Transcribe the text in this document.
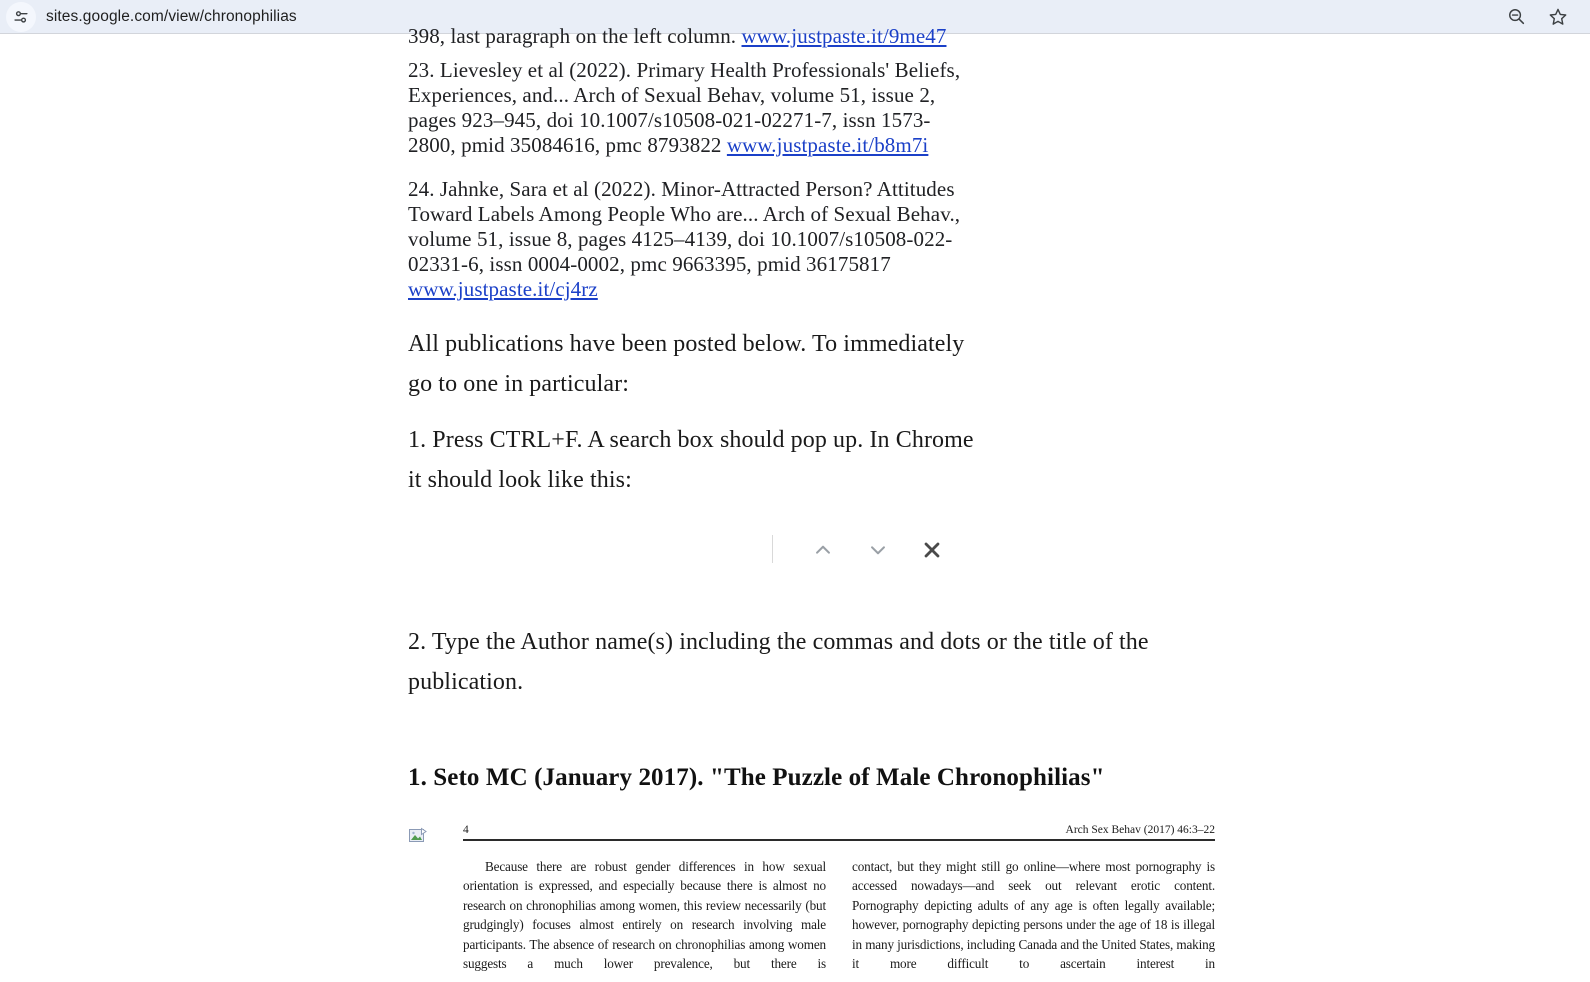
sites.google.com/view/chronophilias

398, last paragraph on the left column. www.justpaste.it/9me47

23. Lievesley et al (2022). Primary Health Professionals' Beliefs, Experiences, and... Arch of Sexual Behav, volume 51, issue 2, pages 923–945, doi 10.1007/s10508-021-02271-7, issn 1573-2800, pmid 35084616, pmc 8793822 www.justpaste.it/b8m7i

24. Jahnke, Sara et al (2022). Minor-Attracted Person? Attitudes Toward Labels Among People Who are... Arch of Sexual Behav., volume 51, issue 8, pages 4125–4139, doi 10.1007/s10508-022-02331-6, issn 0004-0002, pmc 9663395, pmid 36175817 www.justpaste.it/cj4rz

All publications have been posted below. To immediately go to one in particular:

1. Press CTRL+F. A search box should pop up. In Chrome it should look like this:

2. Type the Author name(s) including the commas and dots or the title of the publication.

1. Seto MC (January 2017). "The Puzzle of Male Chronophilias"
4	Arch Sex Behav (2017) 46:3–22

Because there are robust gender differences in how sexual orientation is expressed, and especially because there is almost no research on chronophilias among women, this review necessarily (but grudgingly) focuses almost entirely on research involving male participants. The absence of research on chronophilias among women suggests a much lower prevalence, but there is

contact, but they might still go online—where most pornography is accessed nowadays—and seek out relevant erotic content. Pornography depicting adults of any age is often legally available; however, pornography depicting persons under the age of 18 is illegal in many jurisdictions, including Canada and the United States, making it more difficult to ascertain interest in
